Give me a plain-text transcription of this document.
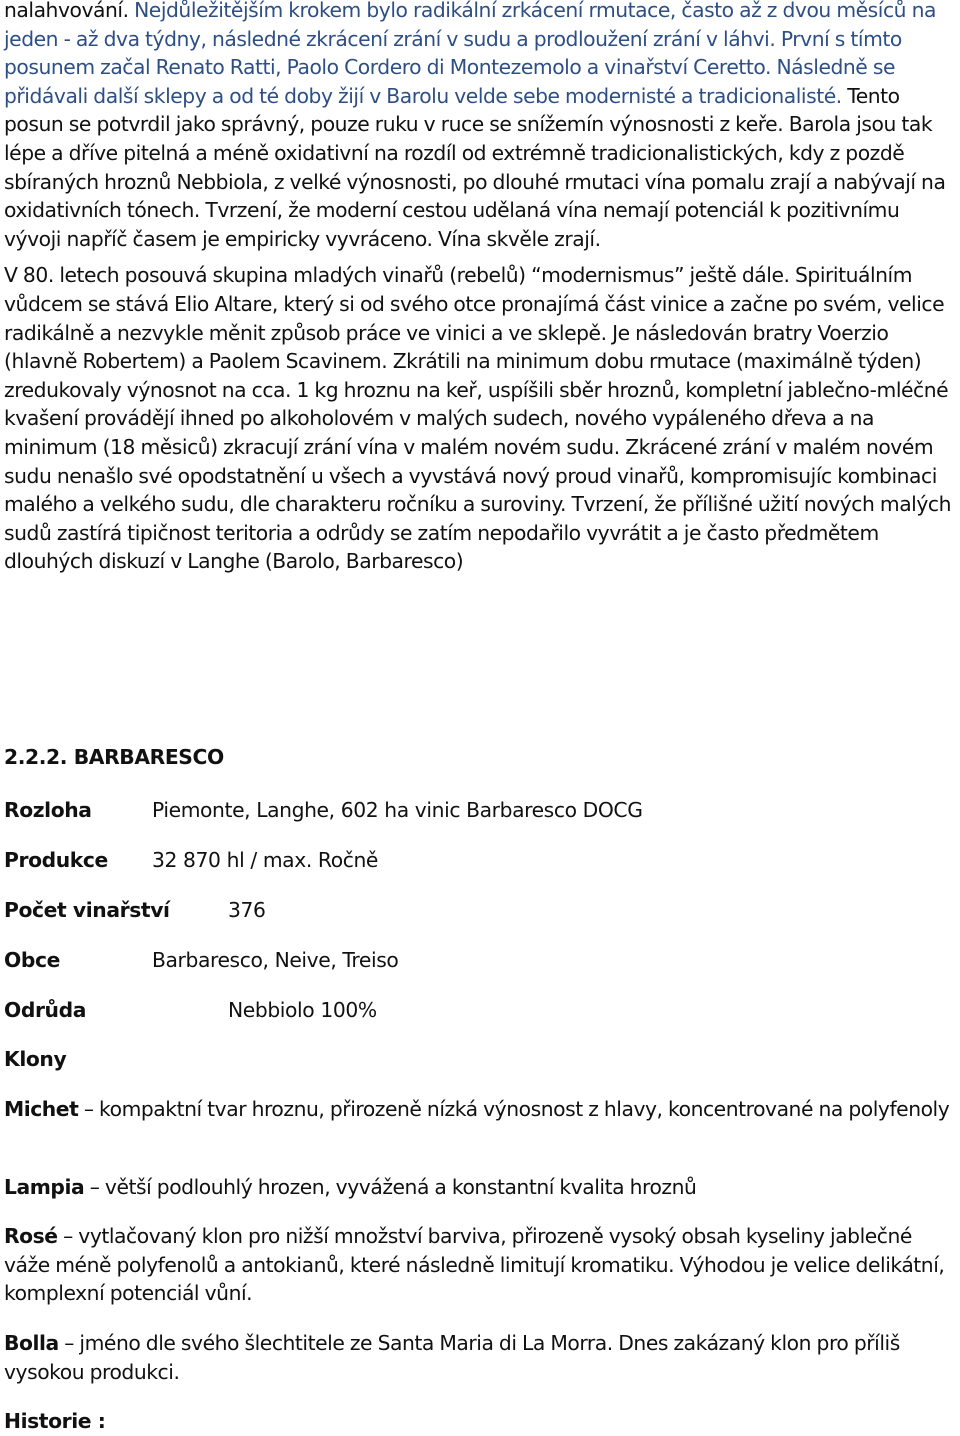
nalahvování. Nejdůležitějším krokem bylo radikální zrkácení rmutace, často až z dvou měsíců na jeden - až dva týdny, následné zkrácení zrání v sudu a prodloužení zrání v láhvi. První s tímto posunem začal Renato Ratti, Paolo Cordero di Montezemolo a vinařství Ceretto. Následně se přidávali další sklepy a od té doby žijí v Barolu velde sebe modernisté a tradicionalisté. Tento posun se potvrdil jako správný, pouze ruku v ruce se snížemín výnosnosti z keře. Barola jsou tak lépe a dříve pitelná a méně oxidativní na rozdíl od extrémně tradicionalistických, kdy z pozdě sbíraných hroznů Nebbiola, z velké výnosnosti, po dlouhé rmutaci vína pomalu zrají a nabývají na oxidativních tónech. Tvrzení, že moderní cestou udělaná vína nemají potenciál k pozitivnímu vývoji napříč časem je empiricky vyvráceno. Vína skvěle zrají.

V 80. letech posouvá skupina mladých vinařů (rebelů) “modernismus” ještě dále. Spirituálním vůdcem se stává Elio Altare, který si od svého otce pronajímá část vinice a začne po svém, velice radikálně a nezvykle měnit způsob práce ve vinici a ve sklepě. Je následován bratry Voerzio (hlavně Robertem) a Paolem Scavinem. Zkrátili na minimum dobu rmutace (maximálně týden) zredukovaly výnosnot na cca. 1 kg hroznu na keř, uspíšili sběr hroznů, kompletní jablečno-mléčné kvašení provádějí ihned po alkoholovém v malých sudech, nového vypáleného dřeva a na minimum (18 měsiců) zkracují zrání vína v malém novém sudu. Zkrácené zrání v malém novém sudu nenašlo své opodstatnění u všech a vyvstává nový proud vinařů, kompromisujíc kombinaci malého a velkého sudu, dle charakteru ročníku a suroviny. Tvrzení, že přílišné užití nových malých sudů zastírá tipičnost teritoria a odrůdy se zatím nepodařilo vyvrátit a je často předmětem dlouhých diskuzí v Langhe (Barolo, Barbaresco)

2.2.2. BARBARESCO
Rozloha	Piemonte, Langhe, 602 ha vinic Barbaresco DOCG
Produkce 32 870 hl / max. Ročně
Počet vinařství	376
Obce	Barbaresco, Neive, Treiso
Odrůda	Nebbiolo 100%
Klony

Michet – kompaktní tvar hroznu, přirozeně nízká výnosnost z hlavy, koncentrované na polyfenoly

Lampia – větší podlouhlý hrozen, vyvážená a konstantní kvalita hroznů

Rosé – vytlačovaný klon pro nižší množství barviva, přirozeně vysoký obsah kyseliny jablečné váže méně polyfenolů a antokianů, které následně limitují kromatiku. Výhodou je velice delikátní, komplexní potenciál vůní.

Bolla – jméno dle svého šlechtitele ze Santa Maria di La Morra. Dnes zakázaný klon pro příliš vysokou produkci.

Historie :
